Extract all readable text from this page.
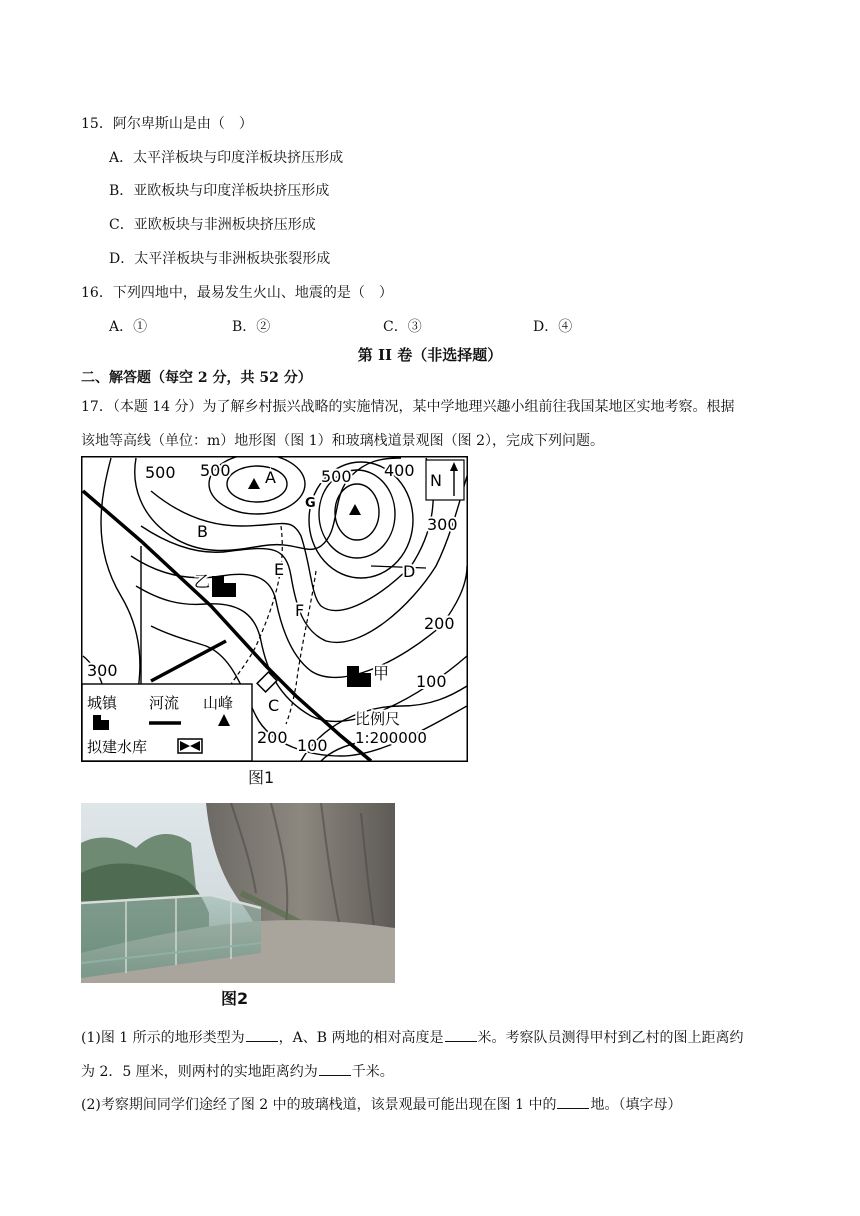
15．阿尔卑斯山是由（　）
A．太平洋板块与印度洋板块挤压形成
B．亚欧板块与印度洋板块挤压形成
C．亚欧板块与非洲板块挤压形成
D．太平洋板块与非洲板块张裂形成
16．下列四地中，最易发生火山、地震的是（　）
A．①	B．②	C．③	D．④
第 II 卷（非选择题）
二、解答题（每空 2 分，共 52 分）
17．（本题 14 分）为了解乡村振兴战略的实施情况，某中学地理兴趣小组前往我国某地区实地考察。根据
该地等高线（单位：m）地形图（图 1）和玻璃栈道景观图（图 2），完成下列问题。
N
500 500	500 400
300
300
200
200
100
100
A
B
C
D
E
F
G
乙
甲
比例尺
1:200000
城镇 河流 山峰
拟建水库
图1
图2
(1)图 1 所示的地形类型为 ，A、B 两地的相对高度是 米。考察队员测得甲村到乙村的图上距离约
为 2．5 厘米，则两村的实地距离约为 千米。
(2)考察期间同学们途经了图 2 中的玻璃栈道，该景观最可能出现在图 1 中的 地。（填字母）
